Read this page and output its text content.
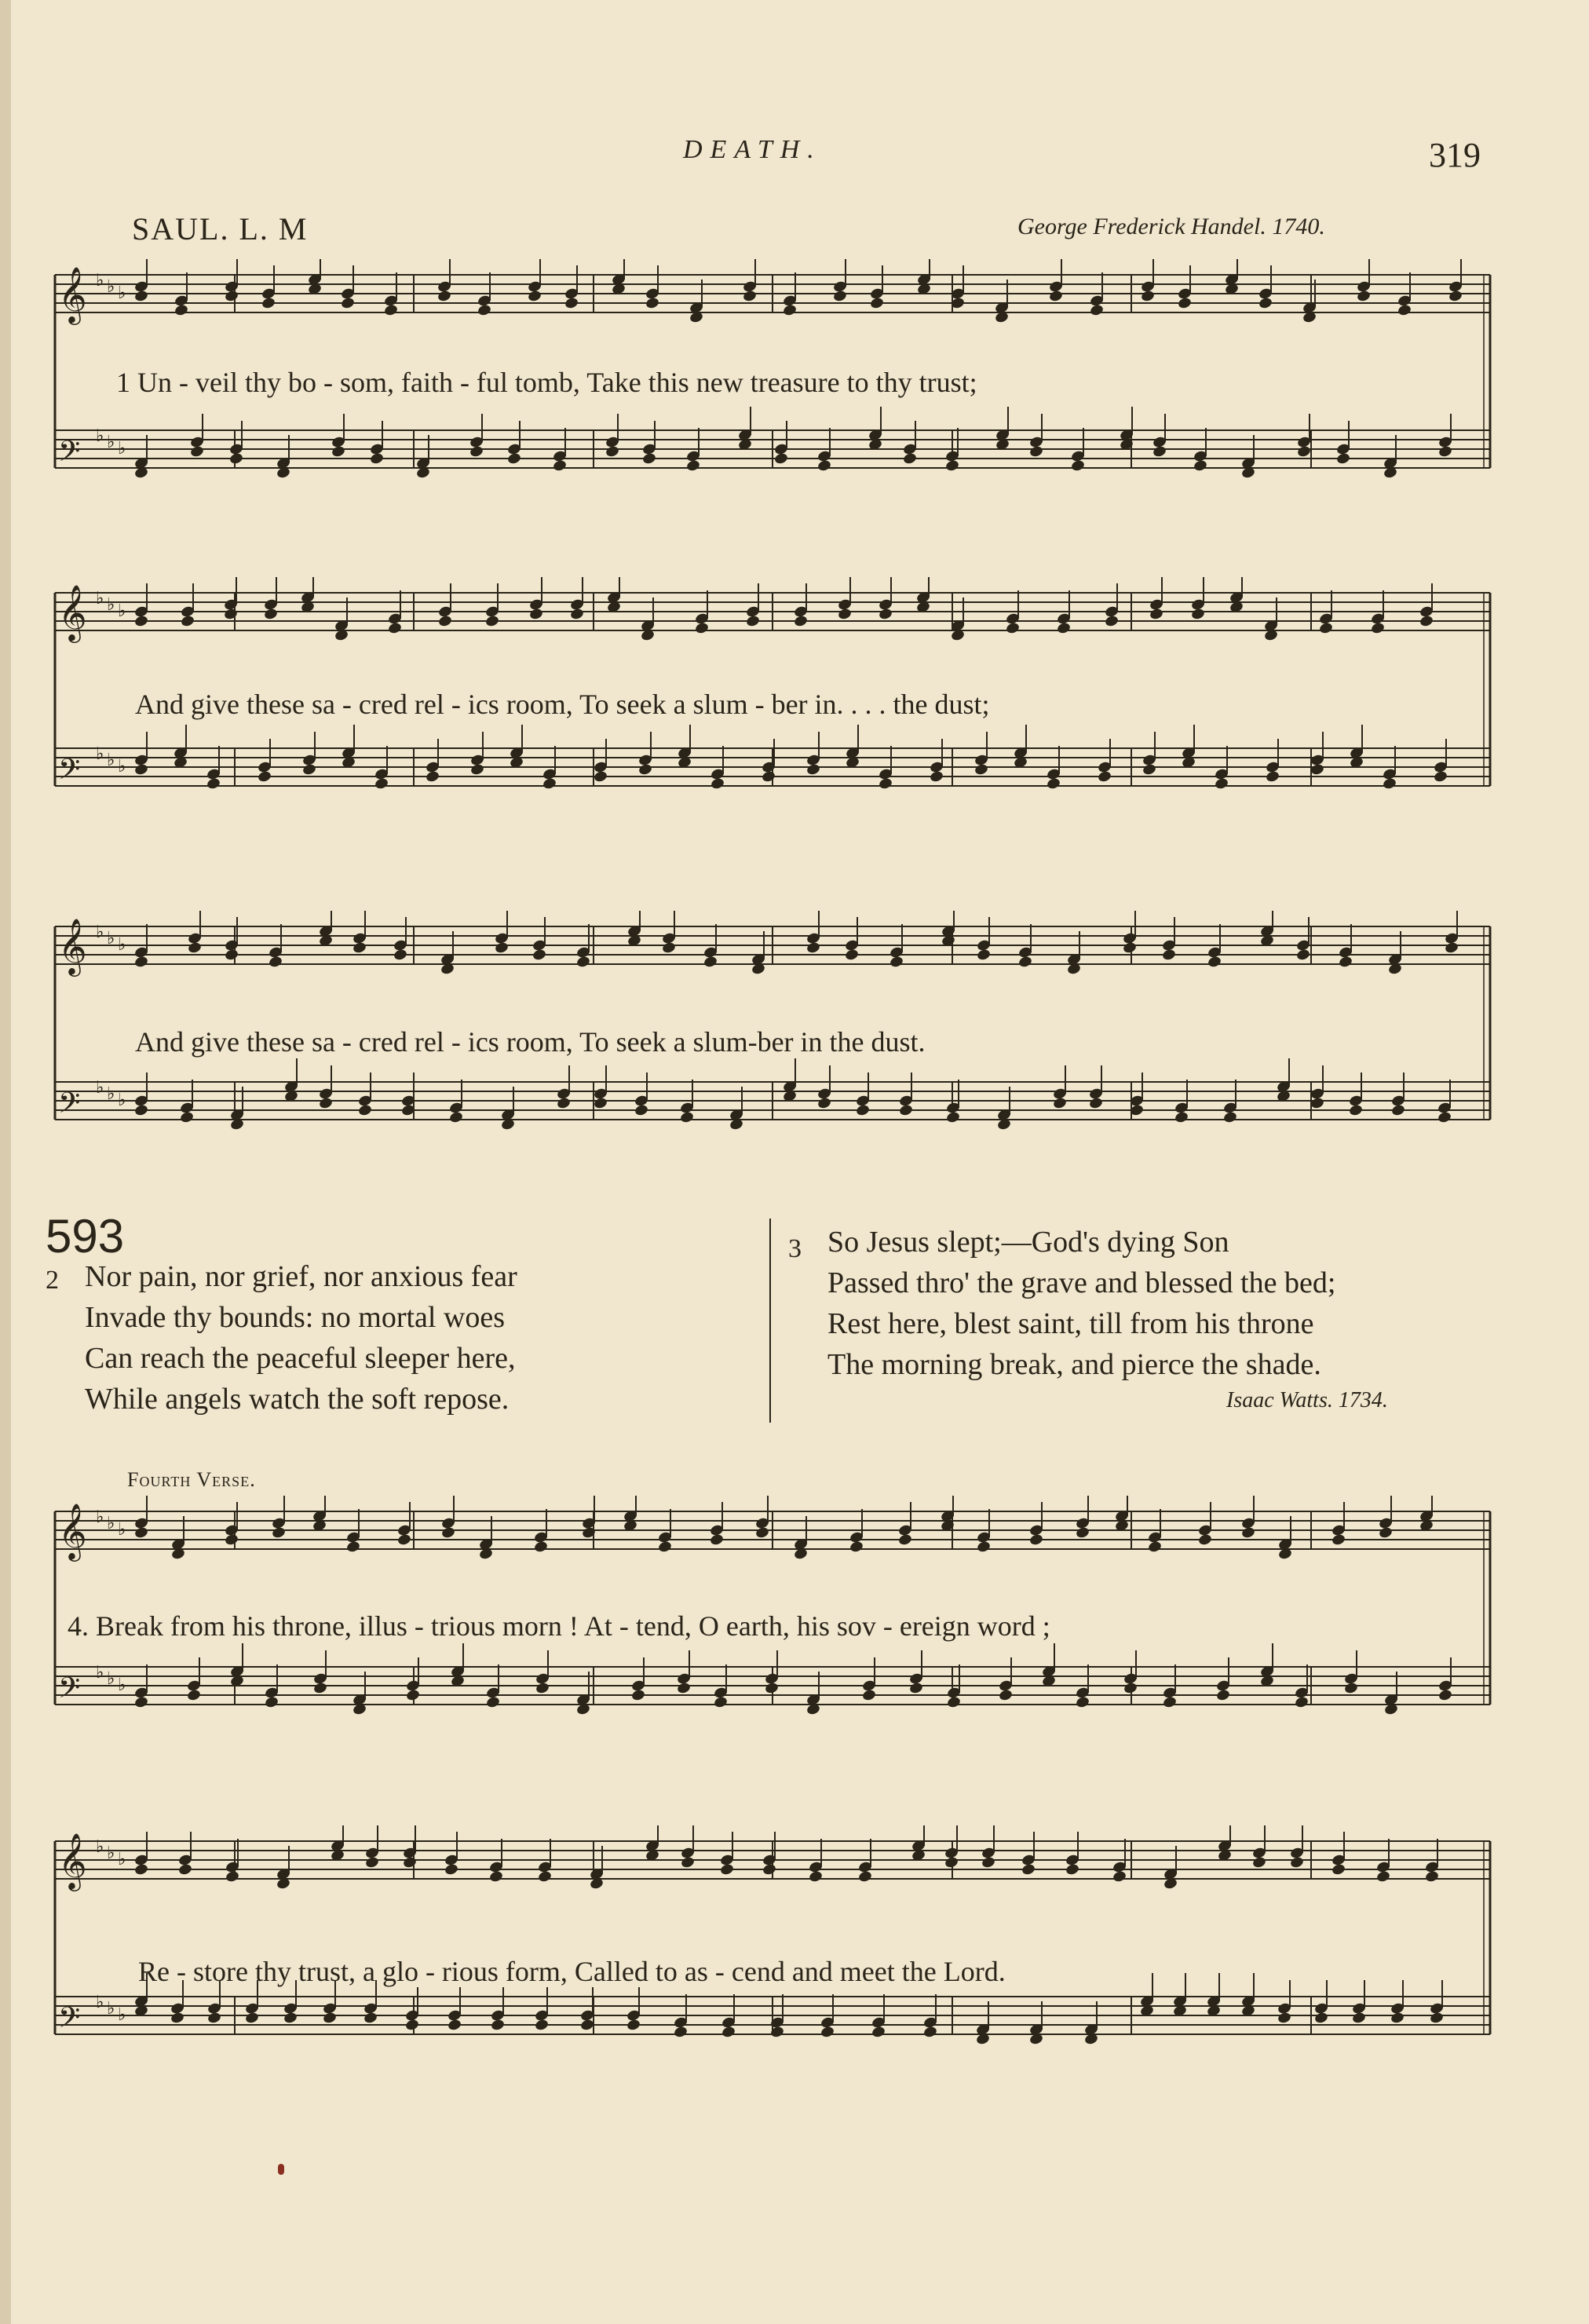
DEATH.	319
SAUL. L. M	George Frederick Handel. 1740.
𝄞 ♭ ♭ ♭
𝄢 ♭ ♭ ♭
1 Un - veil thy bo - som, faith - ful tomb, Take this new treasure to thy trust;
𝄞 ♭ ♭ ♭
𝄢 ♭ ♭ ♭
And give these sa - cred rel - ics room, To seek a slum - ber in. . . . the dust;
𝄞 ♭ ♭ ♭
𝄢 ♭ ♭ ♭
And give these sa - cred rel - ics room, To seek a slum-ber in the dust.
593
2 Nor pain, nor grief, nor anxious fear
Invade thy bounds: no mortal woes
Can reach the peaceful sleeper here,
While angels watch the soft repose.
3 So Jesus slept;—God's dying Son
Passed thro' the grave and blessed the bed;
Rest here, blest saint, till from his throne
The morning break, and pierce the shade.
Isaac Watts. 1734.
Fourth Verse.
𝄞 ♭ ♭ ♭
𝄢 ♭ ♭ ♭
4. Break from his throne, illus - trious morn ! At - tend, O earth, his sov - ereign word ;
𝄞 ♭ ♭ ♭
𝄢 ♭ ♭ ♭
Re - store thy trust, a glo - rious form, Called to as - cend and meet the Lord.
